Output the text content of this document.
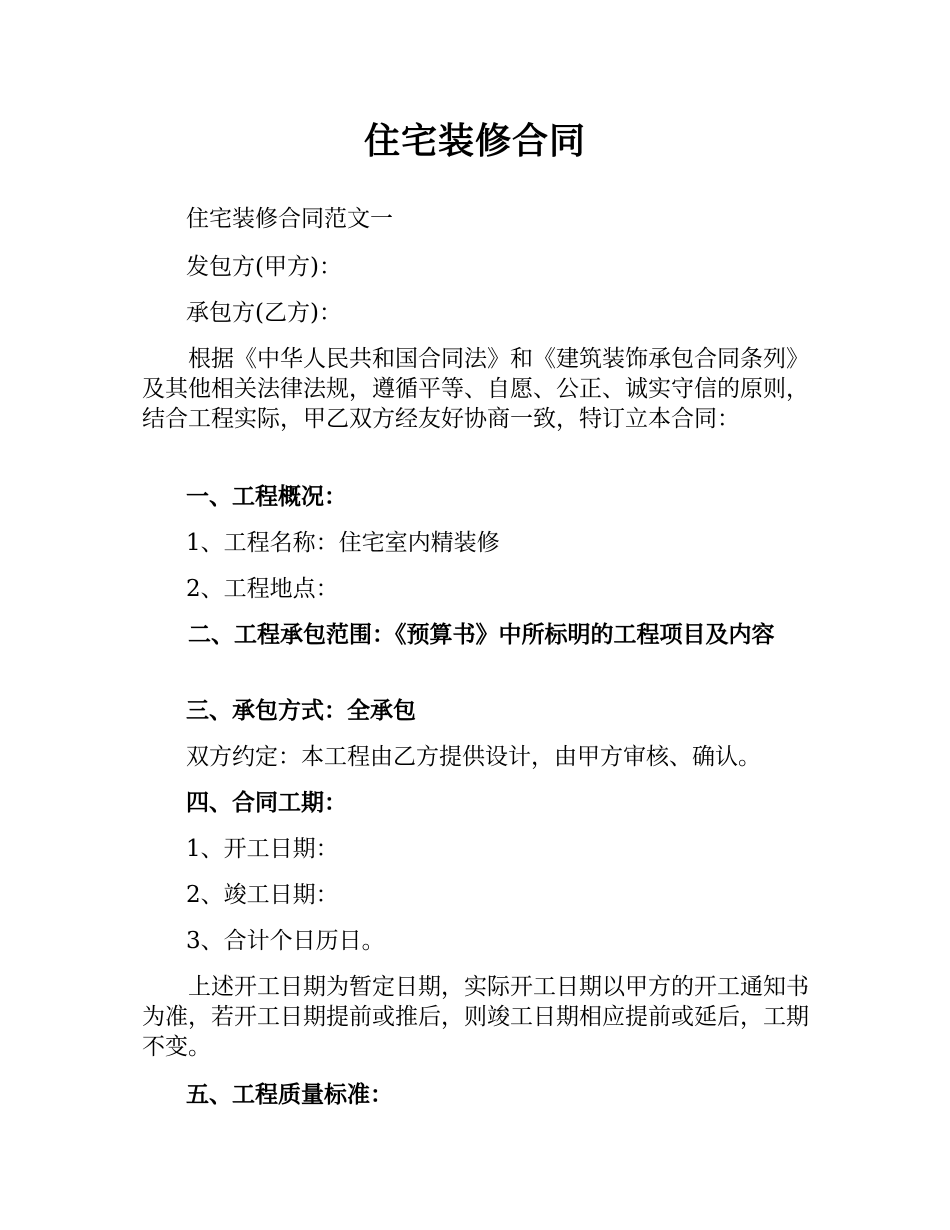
住宅装修合同

住宅装修合同范文一

发包方(甲方)：

承包方(乙方)：

根据《中华人民共和国合同法》和《建筑装饰承包合同条列》及其他相关法律法规，遵循平等、自愿、公正、诚实守信的原则，结合工程实际，甲乙双方经友好协商一致，特订立本合同：

一、工程概况：

1、工程名称：住宅室内精装修

2、工程地点：

二、工程承包范围：《预算书》中所标明的工程项目及内容

三、承包方式：全承包

双方约定：本工程由乙方提供设计，由甲方审核、确认。

四、合同工期：

1、开工日期：

2、竣工日期：

3、合计个日历日。

上述开工日期为暂定日期，实际开工日期以甲方的开工通知书为准，若开工日期提前或推后，则竣工日期相应提前或延后，工期不变。

五、工程质量标准：
